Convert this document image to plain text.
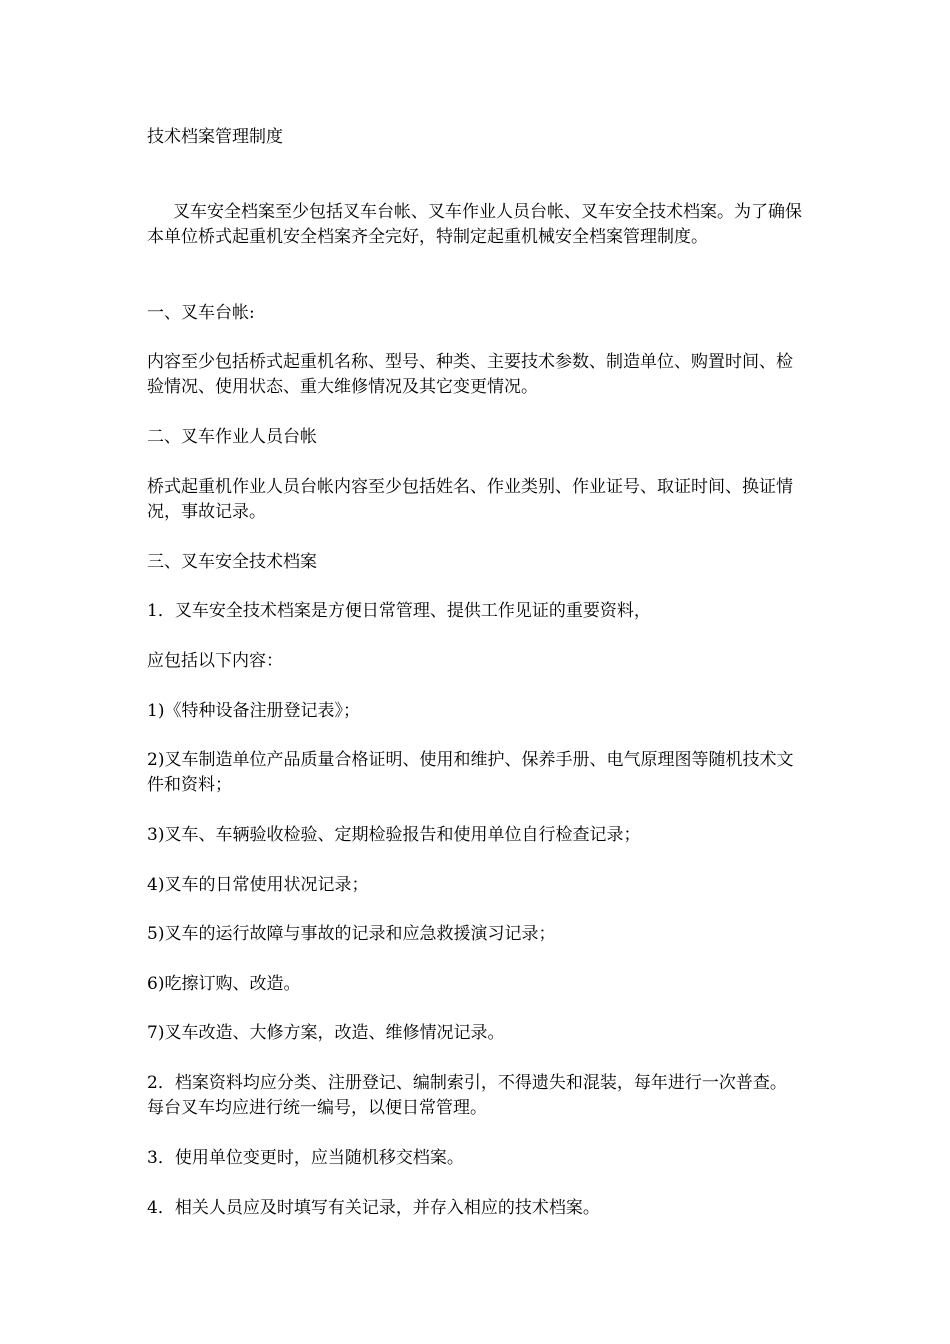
技术档案管理制度

叉车安全档案至少包括叉车台帐、叉车作业人员台帐、叉车安全技术档案。为了确保本单位桥式起重机安全档案齐全完好，特制定起重机械安全档案管理制度。

一、叉车台帐:

内容至少包括桥式起重机名称、型号、种类、主要技术参数、制造单位、购置时间、检验情况、使用状态、重大维修情况及其它变更情况。

二、叉车作业人员台帐

桥式起重机作业人员台帐内容至少包括姓名、作业类别、作业证号、取证时间、换证情况，事故记录。

三、叉车安全技术档案

1．叉车安全技术档案是方便日常管理、提供工作见证的重要资料，

应包括以下内容：

1)《特种设备注册登记表》；

2)叉车制造单位产品质量合格证明、使用和维护、保养手册、电气原理图等随机技术文件和资料；

3)叉车、车辆验收检验、定期检验报告和使用单位自行检查记录；

4)叉车的日常使用状况记录；

5)叉车的运行故障与事故的记录和应急救援演习记录；

6)吃擦订购、改造。

7)叉车改造、大修方案，改造、维修情况记录。

2．档案资料均应分类、注册登记、编制索引，不得遗失和混装，每年进行一次普查。每台叉车均应进行统一编号，以便日常管理。

3．使用单位变更时，应当随机移交档案。

4．相关人员应及时填写有关记录，并存入相应的技术档案。
